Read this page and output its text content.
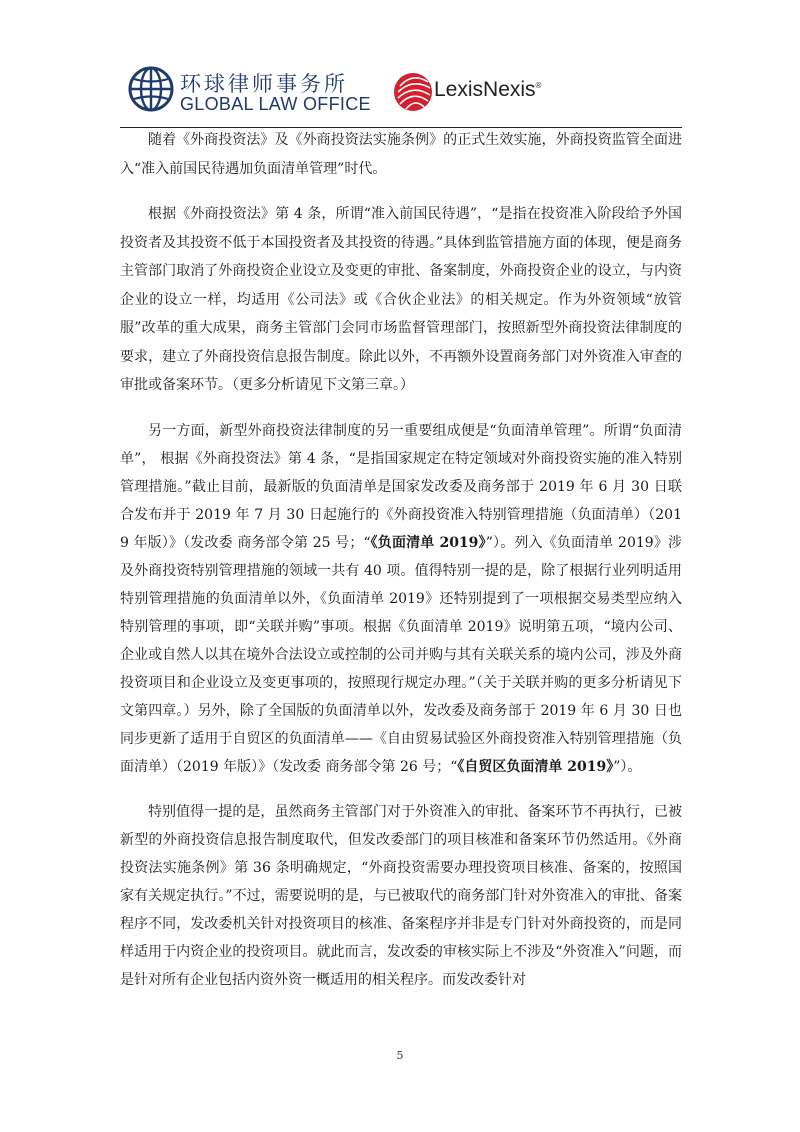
环球律师事务所
GLOBAL LAW OFFICE
LexisNexis®

随着《外商投资法》及《外商投资法实施条例》的正式生效实施，外商投资监管全面进入“准入前国民待遇加负面清单管理”时代。

根据《外商投资法》第 4 条，所谓“准入前国民待遇”，“是指在投资准入阶段给予外国投资者及其投资不低于本国投资者及其投资的待遇。”具体到监管措施方面的体现，便是商务主管部门取消了外商投资企业设立及变更的审批、备案制度，外商投资企业的设立，与内资企业的设立一样，均适用《公司法》或《合伙企业法》的相关规定。作为外资领域“放管服”改革的重大成果，商务主管部门会同市场监督管理部门，按照新型外商投资法律制度的要求，建立了外商投资信息报告制度。除此以外，不再额外设置商务部门对外资准入审查的审批或备案环节。（更多分析请见下文第三章。）

另一方面，新型外商投资法律制度的另一重要组成便是“负面清单管理”。所谓“负面清单”， 根据《外商投资法》第 4 条，“是指国家规定在特定领域对外商投资实施的准入特别管理措施。”截止目前，最新版的负面清单是国家发改委及商务部于 2019 年 6 月 30 日联合发布并于 2019 年 7 月 30 日起施行的《外商投资准入特别管理措施（负面清单）（2019 年版）》（发改委 商务部令第 25 号；“《负面清单 2019》”）。列入《负面清单 2019》涉及外商投资特别管理措施的领域一共有 40 项。值得特别一提的是，除了根据行业列明适用特别管理措施的负面清单以外，《负面清单 2019》还特别提到了一项根据交易类型应纳入特别管理的事项，即“关联并购”事项。根据《负面清单 2019》说明第五项，“境内公司、企业或自然人以其在境外合法设立或控制的公司并购与其有关联关系的境内公司，涉及外商投资项目和企业设立及变更事项的，按照现行规定办理。”（关于关联并购的更多分析请见下文第四章。）另外，除了全国版的负面清单以外，发改委及商务部于 2019 年 6 月 30 日也同步更新了适用于自贸区的负面清单——《自由贸易试验区外商投资准入特别管理措施（负面清单）（2019 年版）》（发改委 商务部令第 26 号；“《自贸区负面清单 2019》”）。

特别值得一提的是，虽然商务主管部门对于外资准入的审批、备案环节不再执行，已被新型的外商投资信息报告制度取代，但发改委部门的项目核准和备案环节仍然适用。《外商投资法实施条例》第 36 条明确规定，“外商投资需要办理投资项目核准、备案的，按照国家有关规定执行。”不过，需要说明的是，与已被取代的商务部门针对外资准入的审批、备案程序不同，发改委机关针对投资项目的核准、备案程序并非是专门针对外商投资的，而是同样适用于内资企业的投资项目。就此而言，发改委的审核实际上不涉及“外资准入”问题，而是针对所有企业包括内资外资一概适用的相关程序。而发改委针对

5
